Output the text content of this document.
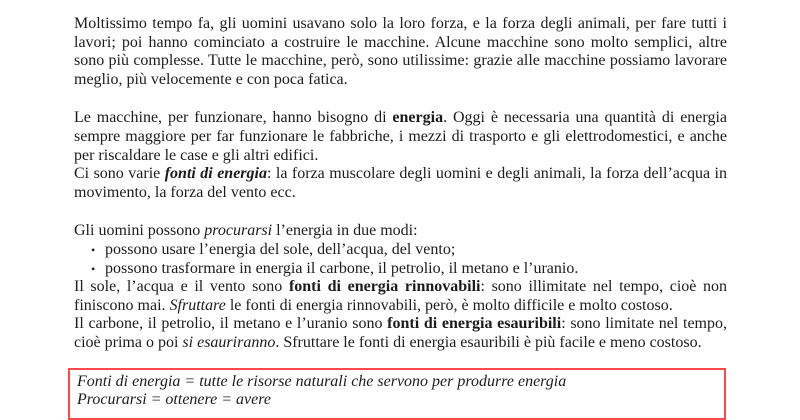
Moltissimo tempo fa, gli uomini usavano solo la loro forza, e la forza degli animali, per fare tutti i lavori; poi hanno cominciato a costruire le macchine. Alcune macchine sono molto semplici, altre sono più complesse. Tutte le macchine, però, sono utilissime: grazie alle macchine possiamo lavorare meglio, più velocemente e con poca fatica.

Le macchine, per funzionare, hanno bisogno di energia. Oggi è necessaria una quantità di energia sempre maggiore per far funzionare le fabbriche, i mezzi di trasporto e gli elettrodomestici, e anche per riscaldare le case e gli altri edifici.

Ci sono varie fonti di energia: la forza muscolare degli uomini e degli animali, la forza dell’acqua in movimento, la forza del vento ecc.

Gli uomini possono procurarsi l’energia in due modi:

• possono usare l’energia del sole, dell’acqua, del vento;
• possono trasformare in energia il carbone, il petrolio, il metano e l’uranio.

Il sole, l’acqua e il vento sono fonti di energia rinnovabili: sono illimitate nel tempo, cioè non finiscono mai. Sfruttare le fonti di energia rinnovabili, però, è molto difficile e molto costoso.

Il carbone, il petrolio, il metano e l’uranio sono fonti di energia esauribili: sono limitate nel tempo, cioè prima o poi si esauriranno. Sfruttare le fonti di energia esauribili è più facile e meno costoso.

Fonti di energia = tutte le risorse naturali che servono per produrre energia

Procurarsi = ottenere = avere
